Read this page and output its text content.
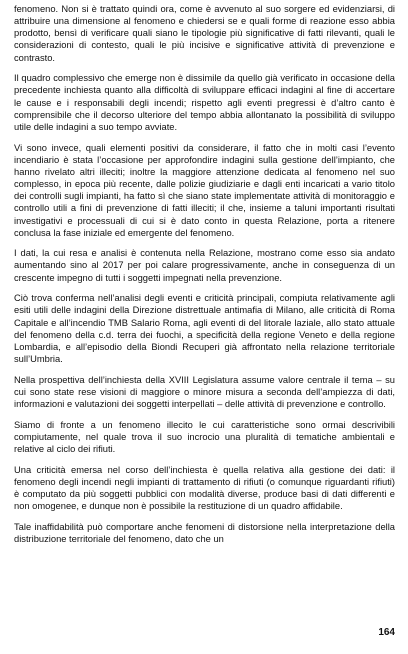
fenomeno. Non si è trattato quindi ora, come è avvenuto al suo sorgere ed evidenziarsi, di attribuire una dimensione al fenomeno e chiedersi se e quali forme di reazione esso abbia prodotto, bensì di verificare quali siano le tipologie più significative di fatti rilevanti, quali le considerazioni di contesto, quali le più incisive e significative attività di prevenzione e contrasto.

Il quadro complessivo che emerge non è dissimile da quello già verificato in occasione della precedente inchiesta quanto alla difficoltà di sviluppare efficaci indagini al fine di accertare le cause e i responsabili degli incendi; rispetto agli eventi pregressi è d’altro canto è comprensibile che il decorso ulteriore del tempo abbia allontanato la possibilità di sviluppo utile delle indagini a suo tempo avviate.

Vi sono invece, quali elementi positivi da considerare, il fatto che in molti casi l’evento incendiario è stata l’occasione per approfondire indagini sulla gestione dell’impianto, che hanno rivelato altri illeciti; inoltre la maggiore attenzione dedicata al fenomeno nel suo complesso, in epoca più recente, dalle polizie giudiziarie e dagli enti incaricati a vario titolo dei controlli sugli impianti, ha fatto sì che siano state implementate attività di monitoraggio e controllo utili a fini di prevenzione di fatti illeciti; il che, insieme a taluni importanti risultati investigativi e processuali di cui si è dato conto in questa Relazione, porta a ritenere conclusa la fase iniziale ed emergente del fenomeno.

I dati, la cui resa e analisi è contenuta nella Relazione, mostrano come esso sia andato aumentando sino al 2017 per poi calare progressivamente, anche in conseguenza di un crescente impegno di tutti i soggetti impegnati nella prevenzione.

Ciò trova conferma nell’analisi degli eventi e criticità principali, compiuta relativamente agli esiti utili delle indagini della Direzione distrettuale antimafia di Milano, alle criticità di Roma Capitale e all’incendio TMB Salario Roma, agli eventi di del litorale laziale, allo stato attuale del fenomeno della c.d. terra dei fuochi, a specificità della regione Veneto e della regione Lombardia, e all’episodio della Biondi Recuperi già affrontato nella relazione territoriale sull’Umbria.

Nella prospettiva dell’inchiesta della XVIII Legislatura assume valore centrale il tema – su cui sono state rese visioni di maggiore o minore misura a seconda dell’ampiezza di dati, informazioni e valutazioni dei soggetti interpellati – delle attività di prevenzione e controllo.

Siamo di fronte a un fenomeno illecito le cui caratteristiche sono ormai descrivibili compiutamente, nel quale trova il suo incrocio una pluralità di tematiche ambientali e relative al ciclo dei rifiuti.

Una criticità emersa nel corso dell’inchiesta è quella relativa alla gestione dei dati: il fenomeno degli incendi negli impianti di trattamento di rifiuti (o comunque riguardanti rifiuti) è computato da più soggetti pubblici con modalità diverse, produce basi di dati differenti e non omogenee, e dunque non è possibile la restituzione di un quadro affidabile.

Tale inaffidabilità può comportare anche fenomeni di distorsione nella interpretazione della distribuzione territoriale del fenomeno, dato che un

164
